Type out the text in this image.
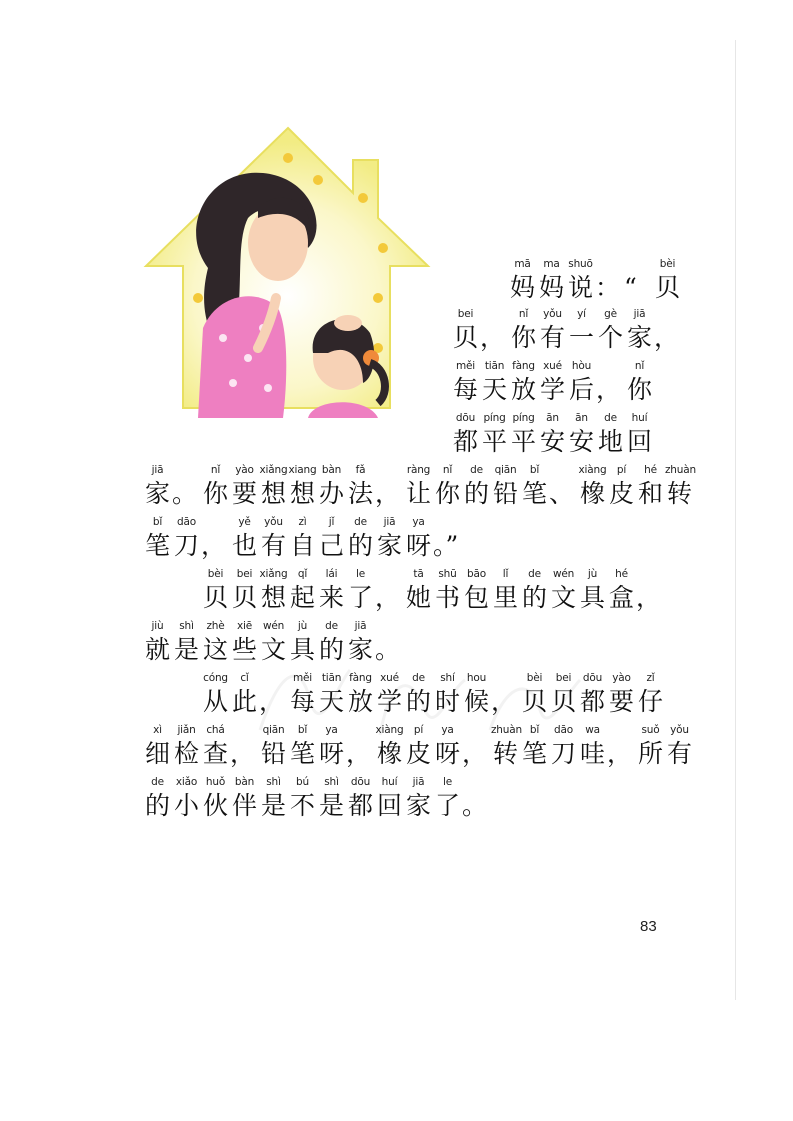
mā
妈
ma
妈
shuō
说 ： “
bèi
贝
bei
贝 ，
nǐ
你
yǒu
有
yí
一
gè
个
jiā
家 ，
měi
每
tiān
天
fàng
放
xué
学
hòu
后 ，
nǐ
你
dōu
都
píng
平
píng
平
ān
安
ān
安
de
地
huí
回
jiā
家 。
nǐ
你
yào
要
xiǎng
想
xiang
想
bàn
办
fǎ
法 ，
ràng
让
nǐ
你
de
的
qiān
铅
bǐ
笔 、
xiàng
橡
pí
皮
hé
和
zhuàn
转
bǐ
笔
dāo
刀 ，
yě
也
yǒu
有
zì
自
jǐ
己
de
的
jiā
家
ya
呀 。”
bèi
贝
bei
贝
xiǎng
想
qǐ
起
lái
来
le
了 ，
tā
她
shū
书
bāo
包
lǐ
里
de
的
wén
文
jù
具
hé
盒 ，
jiù
就
shì
是
zhè
这
xiē
些
wén
文
jù
具
de
的
jiā
家 。
cóng
从
cǐ
此 ，
měi
每
tiān
天
fàng
放
xué
学
de
的
shí
时
hou
候 ，
bèi
贝
bei
贝
dōu
都
yào
要
zǐ
仔
xì
细
jiǎn
检
chá
查 ，
qiān
铅
bǐ
笔
ya
呀 ，
xiàng
橡
pí
皮
ya
呀 ，
zhuàn
转
bǐ
笔
dāo
刀
wa
哇 ，
suǒ
所
yǒu
有
de
的
xiǎo
小
huǒ
伙
bàn
伴
shì
是
bú
不
shì
是
dōu
都
huí
回
jiā
家
le
了 。
83
